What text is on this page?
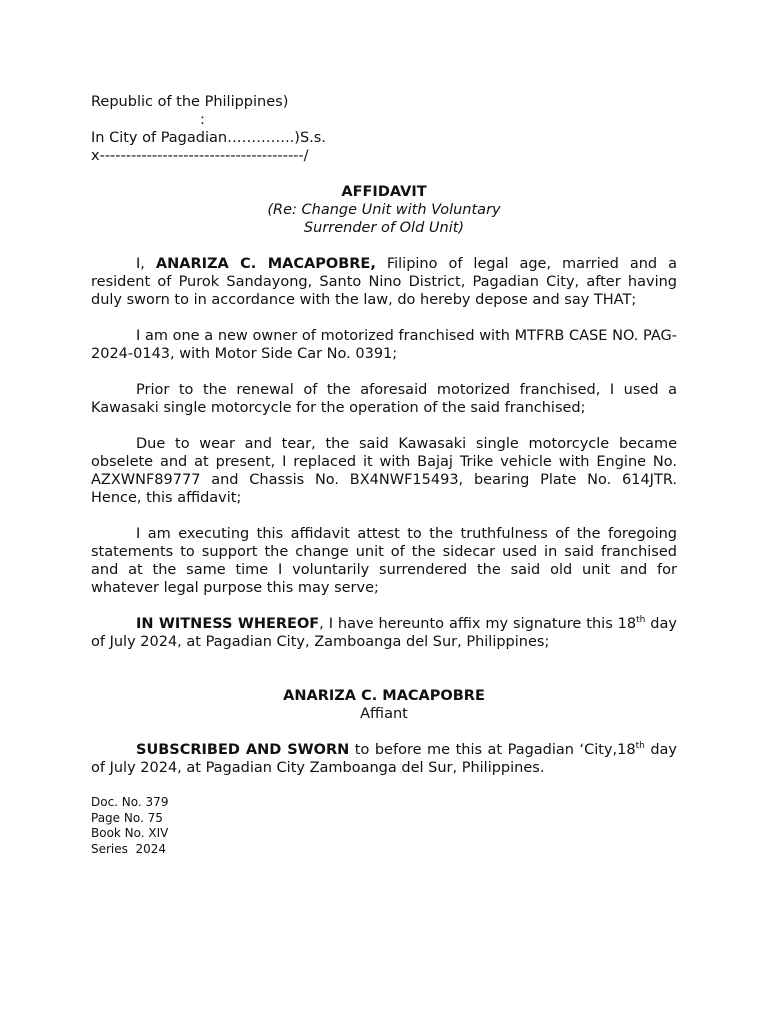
Republic of the Philippines)
:
In City of Pagadian…………..)S.s.
x---------------------------------------/
AFFIDAVIT
(Re: Change Unit with Voluntary
Surrender of Old Unit)

I, ANARIZA C. MACAPOBRE, Filipino of legal age, married and a resident of Purok Sandayong, Santo Nino District, Pagadian City, after having duly sworn to in accordance with the law, do hereby depose and say THAT;

I am one a new owner of motorized franchised with MTFRB CASE NO. PAG-2024-0143, with Motor Side Car No. 0391;

Prior to the renewal of the aforesaid motorized franchised, I used a Kawasaki single motorcycle for the operation of the said franchised;

Due to wear and tear, the said Kawasaki single motorcycle became obselete and at present, I replaced it with Bajaj Trike vehicle with Engine No. AZXWNF89777 and Chassis No. BX4NWF15493, bearing Plate No. 614JTR. Hence, this affidavit;

I am executing this affidavit attest to the truthfulness of the foregoing statements to support the change unit of the sidecar used in said franchised and at the same time I voluntarily surrendered the said old unit and for whatever legal purpose this may serve;

IN WITNESS WHEREOF, I have hereunto affix my signature this 18th day of July 2024, at Pagadian City, Zamboanga del Sur, Philippines;

ANARIZA C. MACAPOBRE
Affiant

SUBSCRIBED AND SWORN to before me this at Pagadian ‘City,18th day of July 2024, at Pagadian City Zamboanga del Sur, Philippines.

Doc. No. 379
Page No. 75
Book No. XIV
Series  2024
